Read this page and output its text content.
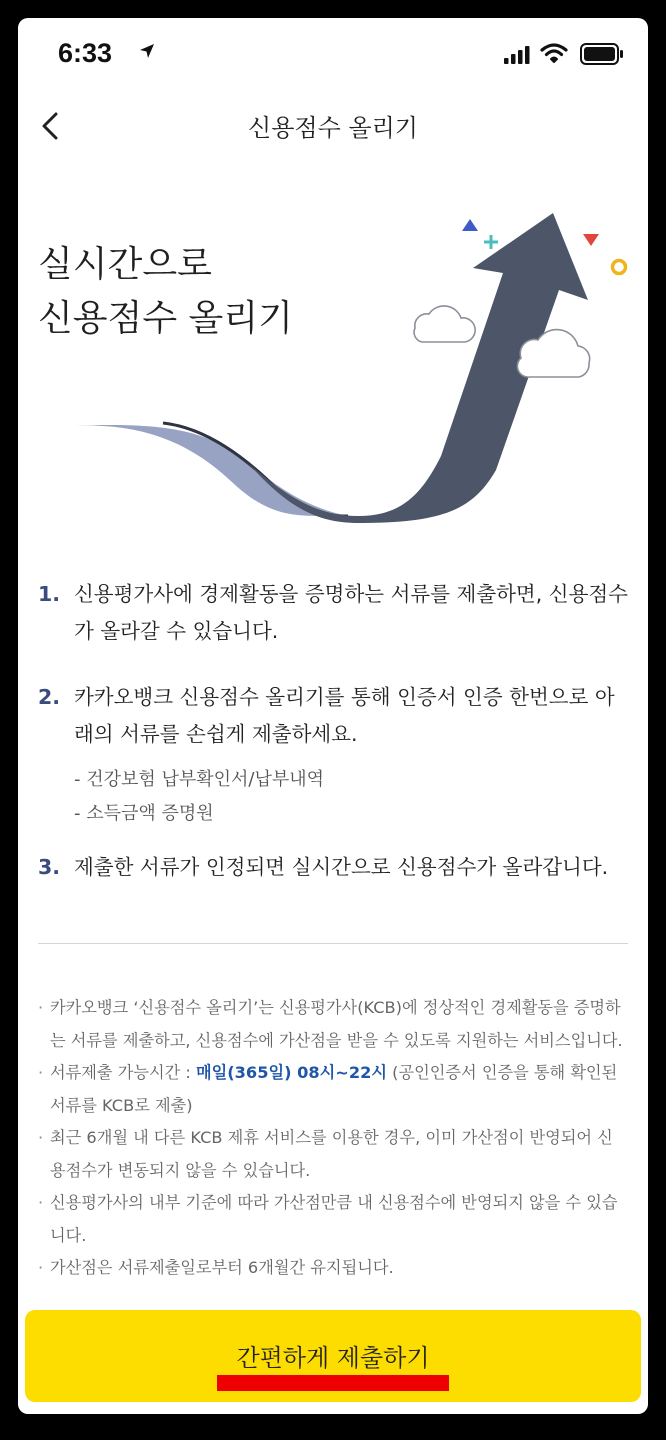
6:33
신용점수 올리기
실시간으로
신용점수 올리기
1. 신용평가사에 경제활동을 증명하는 서류를 제출하면, 신용점수가 올라갈 수 있습니다.
2. 카카오뱅크 신용점수 올리기를 통해 인증서 인증 한번으로 아래의 서류를 손쉽게 제출하세요.
- 건강보험 납부확인서/납부내역
- 소득금액 증명원
3. 제출한 서류가 인정되면 실시간으로 신용점수가 올라갑니다.
· 카카오뱅크 ‘신용점수 올리기’는 신용평가사(KCB)에 정상적인 경제활동을 증명하는 서류를 제출하고, 신용점수에 가산점을 받을 수 있도록 지원하는 서비스입니다.
· 서류제출 가능시간 : 매일(365일) 08시~22시 (공인인증서 인증을 통해 확인된 서류를 KCB로 제출)
· 최근 6개월 내 다른 KCB 제휴 서비스를 이용한 경우, 이미 가산점이 반영되어 신용점수가 변동되지 않을 수 있습니다.
· 신용평가사의 내부 기준에 따라 가산점만큼 내 신용점수에 반영되지 않을 수 있습니다.
· 가산점은 서류제출일로부터 6개월간 유지됩니다.
간편하게 제출하기
